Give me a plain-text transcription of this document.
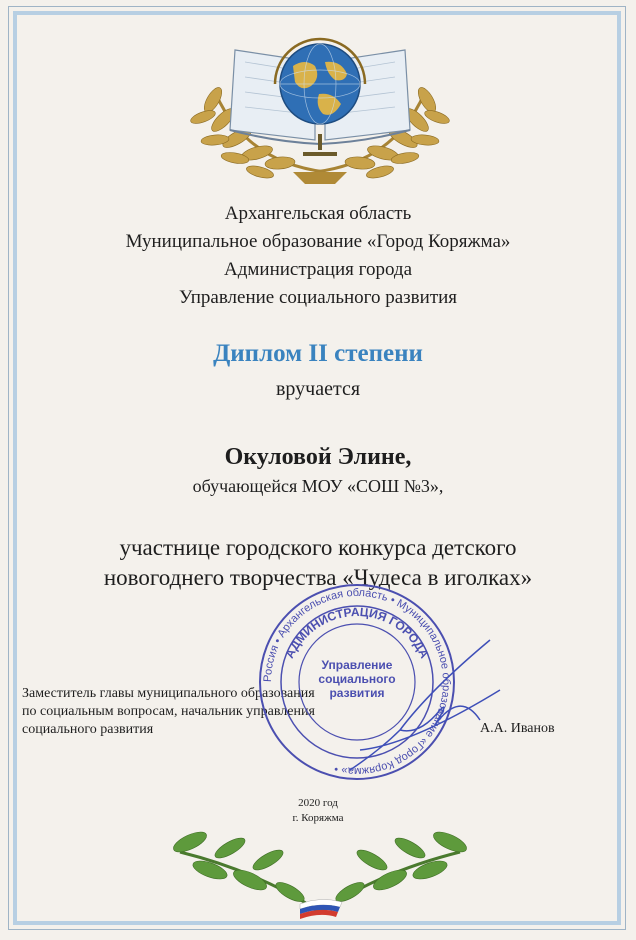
Архангельская область
Муниципальное образование «Город Коряжма»
Администрация города
Управление социального развития
Диплом II степени
вручается
Окуловой Элине,
обучающейся МОУ «СОШ №3»,
участнице городского конкурса детского
новогоднего творчества «Чудеса в иголках»
Заместитель главы муниципального образования
по социальным вопросам, начальник управления
социального развития	А.А. Иванов
Россия • Архангельская область • Муниципальное образование «Город Коряжма» •
АДМИНИСТРАЦИЯ ГОРОДА
Управление социального развития
2020 год
г. Коряжма
